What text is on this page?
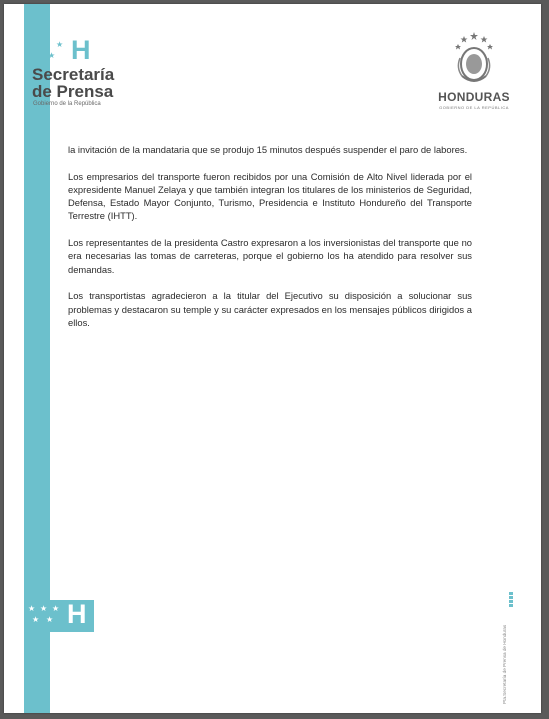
★ ★ ★
★ ★ H
Secretaría
de Prensa
Gobierno de la República	HONDURAS
GOBIERNO DE LA REPÚBLICA

la invitación de la mandataria que se produjo 15 minutos después suspender el paro de labores.

Los empresarios del transporte fueron recibidos por una Comisión de Alto Nivel liderada por el expresidente Manuel Zelaya y que también integran los titulares de los ministerios de Seguridad, Defensa, Estado Mayor Conjunto, Turismo, Presidencia e Instituto Hondureño del Transporte Terrestre (IHTT).

Los representantes de la presidenta Castro expresaron a los inversionistas del transporte que no era necesarias las tomas de carreteras, porque el gobierno los ha atendido para resolver sus demandas.

Los transportistas agradecieron a la titular del Ejecutivo su disposición a solucionar sus problemas y destacaron su temple y su carácter expresados en los mensajes públicos dirigidos a ellos.

★ ★ ★
★ ★ H
Pta.Secretaría de Prensa de Honduras
